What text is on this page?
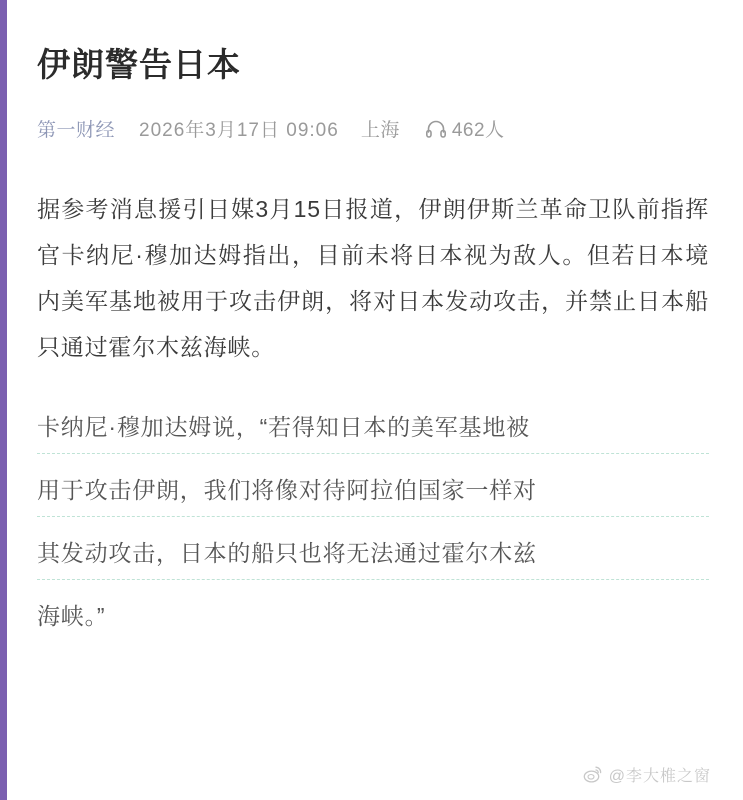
伊朗警告日本
第一财经 2026年3月17日 09:06 上海	462人

据参考消息援引日媒3月15日报道，伊朗伊斯兰革命卫队前指挥官卡纳尼·穆加达姆指出，目前未将日本视为敌人。但若日本境内美军基地被用于攻击伊朗，将对日本发动攻击，并禁止日本船只通过霍尔木兹海峡。

卡纳尼·穆加达姆说，“若得知日本的美军基地被
用于攻击伊朗，我们将像对待阿拉伯国家一样对
其发动攻击，日本的船只也将无法通过霍尔木兹
海峡。”

@李大椎之窗
